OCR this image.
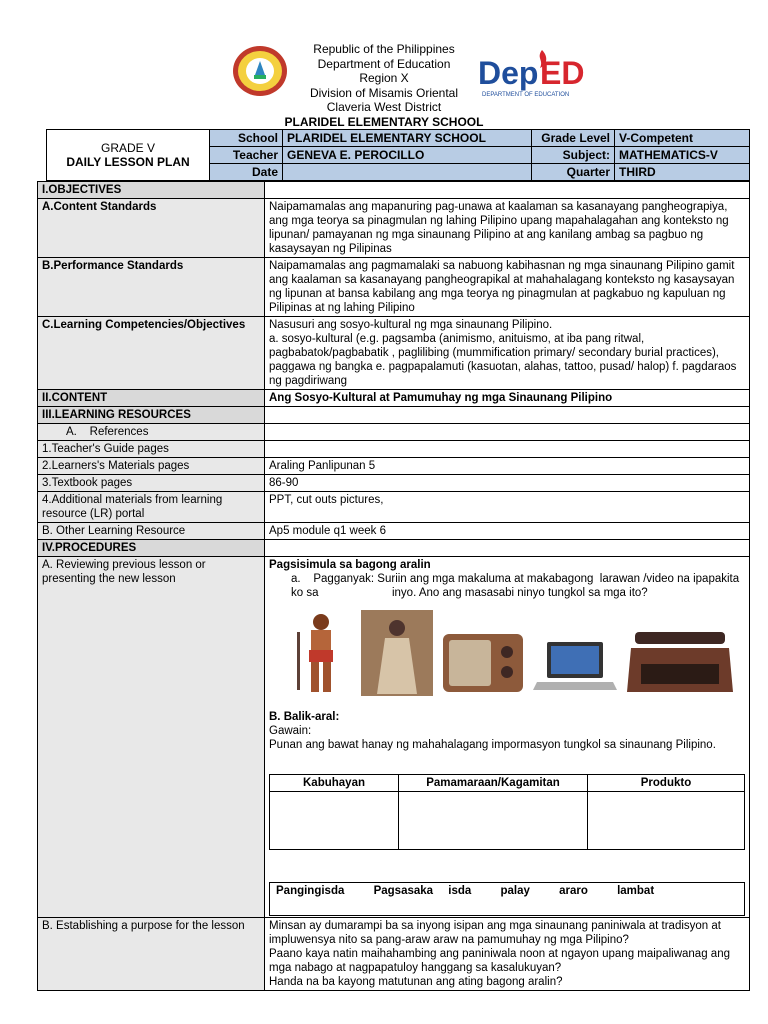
Dep ED
DEPARTMENT OF EDUCATION
Republic of the Philippines
Department of Education
Region X
Division of Misamis Oriental
Claveria West District
PLARIDEL ELEMENTARY SCHOOL
GRADE V
DAILY LESSON PLAN	School	PLARIDEL ELEMENTARY SCHOOL	Grade Level	V-Competent
	Teacher	GENEVA E. PEROCILLO	Subject:	MATHEMATICS-V
	Date		Quarter	THIRD
I.OBJECTIVES	
A.Content Standards	Naipamamalas ang mapanuring pag-unawa at kaalaman sa kasanayang pangheograpiya, ang mga teorya sa pinagmulan ng lahing Pilipino upang mapahalagahan ang konteksto ng lipunan/ pamayanan ng mga sinaunang Pilipino at ang kanilang ambag sa pagbuo ng kasaysayan ng Pilipinas
B.Performance Standards	Naipamamalas ang pagmamalaki sa nabuong kabihasnan ng mga sinaunang Pilipino gamit ang kaalaman sa kasanayang pangheograpikal at mahahalagang konteksto ng kasaysayan ng lipunan at bansa kabilang ang mga teorya ng pinagmulan at pagkabuo ng kapuluan ng Pilipinas at ng lahing Pilipino
C.Learning Competencies/Objectives	Nasusuri ang sosyo-kultural ng mga sinaunang Pilipino.
a. sosyo-kultural (e.g. pagsamba (animismo, anituismo, at iba pang ritwal, pagbabatok/pagbabatik , paglilibing (mummification primary/ secondary burial practices), paggawa ng bangka e. pagpapalamuti (kasuotan, alahas, tattoo, pusad/ halop) f. pagdaraos ng pagdiriwang

II.CONTENT	Ang Sosyo-Kultural at Pamumuhay ng mga Sinaunang Pilipino
III.LEARNING RESOURCES	
A.    References	
1.Teacher's Guide pages	
2.Learners's Materials pages	Araling Panlipunan 5
3.Textbook pages	86-90
4.Additional materials from learning resource (LR) portal	PPT, cut outs pictures,
B. Other Learning Resource	Ap5 module q1 week 6
IV.PROCEDURES	
A. Reviewing previous lesson or presenting the new lesson	
Pagsisimula sa bagong aralin
a.    Pagganyak: Suriin ang mga makaluma at makabagong  larawan /video na ipapakita ko sa                       inyo. Ano ang masasabi ninyo tungkol sa mga ito?
B. Balik-aral:
Gawain:
Punan ang bawat hanay ng mahahalagang impormasyon tungkol sa sinaunang Pilipino.
Kabuhayan	Pamamaraan/Kagamitan	Produkto

Pangingisda	Pagsasaka isda	palay	araro	lambat

B. Establishing a purpose for the lesson	Minsan ay dumarampi ba sa inyong isipan ang mga sinaunang paniniwala at tradisyon at impluwensya nito sa pang-araw araw na pamumuhay ng mga Pilipino?
Paano kaya natin maihahambing ang paniniwala noon at ngayon upang maipaliwanag ang mga nabago at nagpapatuloy hanggang sa kasalukuyan?
Handa na ba kayong matutunan ang ating bagong aralin?
